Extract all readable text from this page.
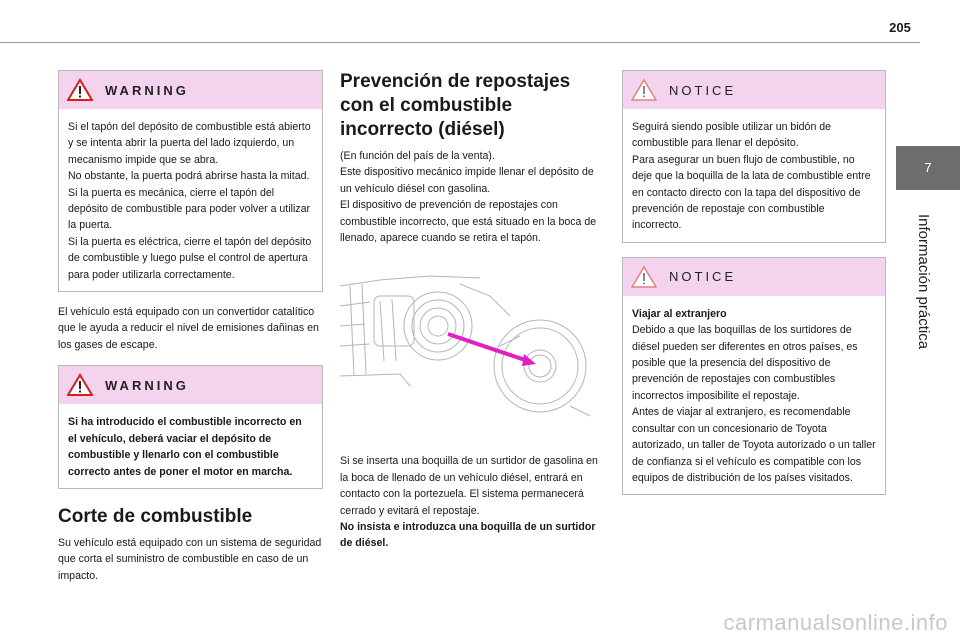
205
7
Información práctica
WARNING

Si el tapón del depósito de combustible está abierto y se intenta abrir la puerta del lado izquierdo, un mecanismo impide que se abra.

No obstante, la puerta podrá abrirse hasta la mitad.

Si la puerta es mecánica, cierre el tapón del depósito de combustible para poder volver a utilizar la puerta.

Si la puerta es eléctrica, cierre el tapón del depósito de combustible y luego pulse el control de apertura para poder utilizarla correctamente.

El vehículo está equipado con un convertidor catalítico que le ayuda a reducir el nivel de emisiones dañinas en los gases de escape.

WARNING

Si ha introducido el combustible incorrecto en el vehículo, deberá vaciar el depósito de combustible y llenarlo con el combustible correcto antes de poner el motor en marcha.

Corte de combustible

Su vehículo está equipado con un sistema de seguridad que corta el suministro de combustible en caso de un impacto.

Prevención de repostajes con el combustible incorrecto (diésel)

(En función del país de la venta).

Este dispositivo mecánico impide llenar el depósito de un vehículo diésel con gasolina.

El dispositivo de prevención de repostajes con combustible incorrecto, que está situado en la boca de llenado, aparece cuando se retira el tapón.

Si se inserta una boquilla de un surtidor de gasolina en la boca de llenado de un vehículo diésel, entrará en contacto con la portezuela. El sistema permanecerá cerrado y evitará el repostaje.

No insista e introduzca una boquilla de un surtidor de diésel.

NOTICE

Seguirá siendo posible utilizar un bidón de combustible para llenar el depósito.

Para asegurar un buen flujo de combustible, no deje que la boquilla de la lata de combustible entre en contacto directo con la tapa del dispositivo de prevención de repostaje con combustible incorrecto.

NOTICE

Viajar al extranjero

Debido a que las boquillas de los surtidores de diésel pueden ser diferentes en otros países, es posible que la presencia del dispositivo de prevención de repostajes con combustibles incorrectos imposibilite el repostaje.

Antes de viajar al extranjero, es recomendable consultar con un concesionario de Toyota autorizado, un taller de Toyota autorizado o un taller de confianza si el vehículo es compatible con los equipos de distribución de los países visitados.

carmanualsonline.info
